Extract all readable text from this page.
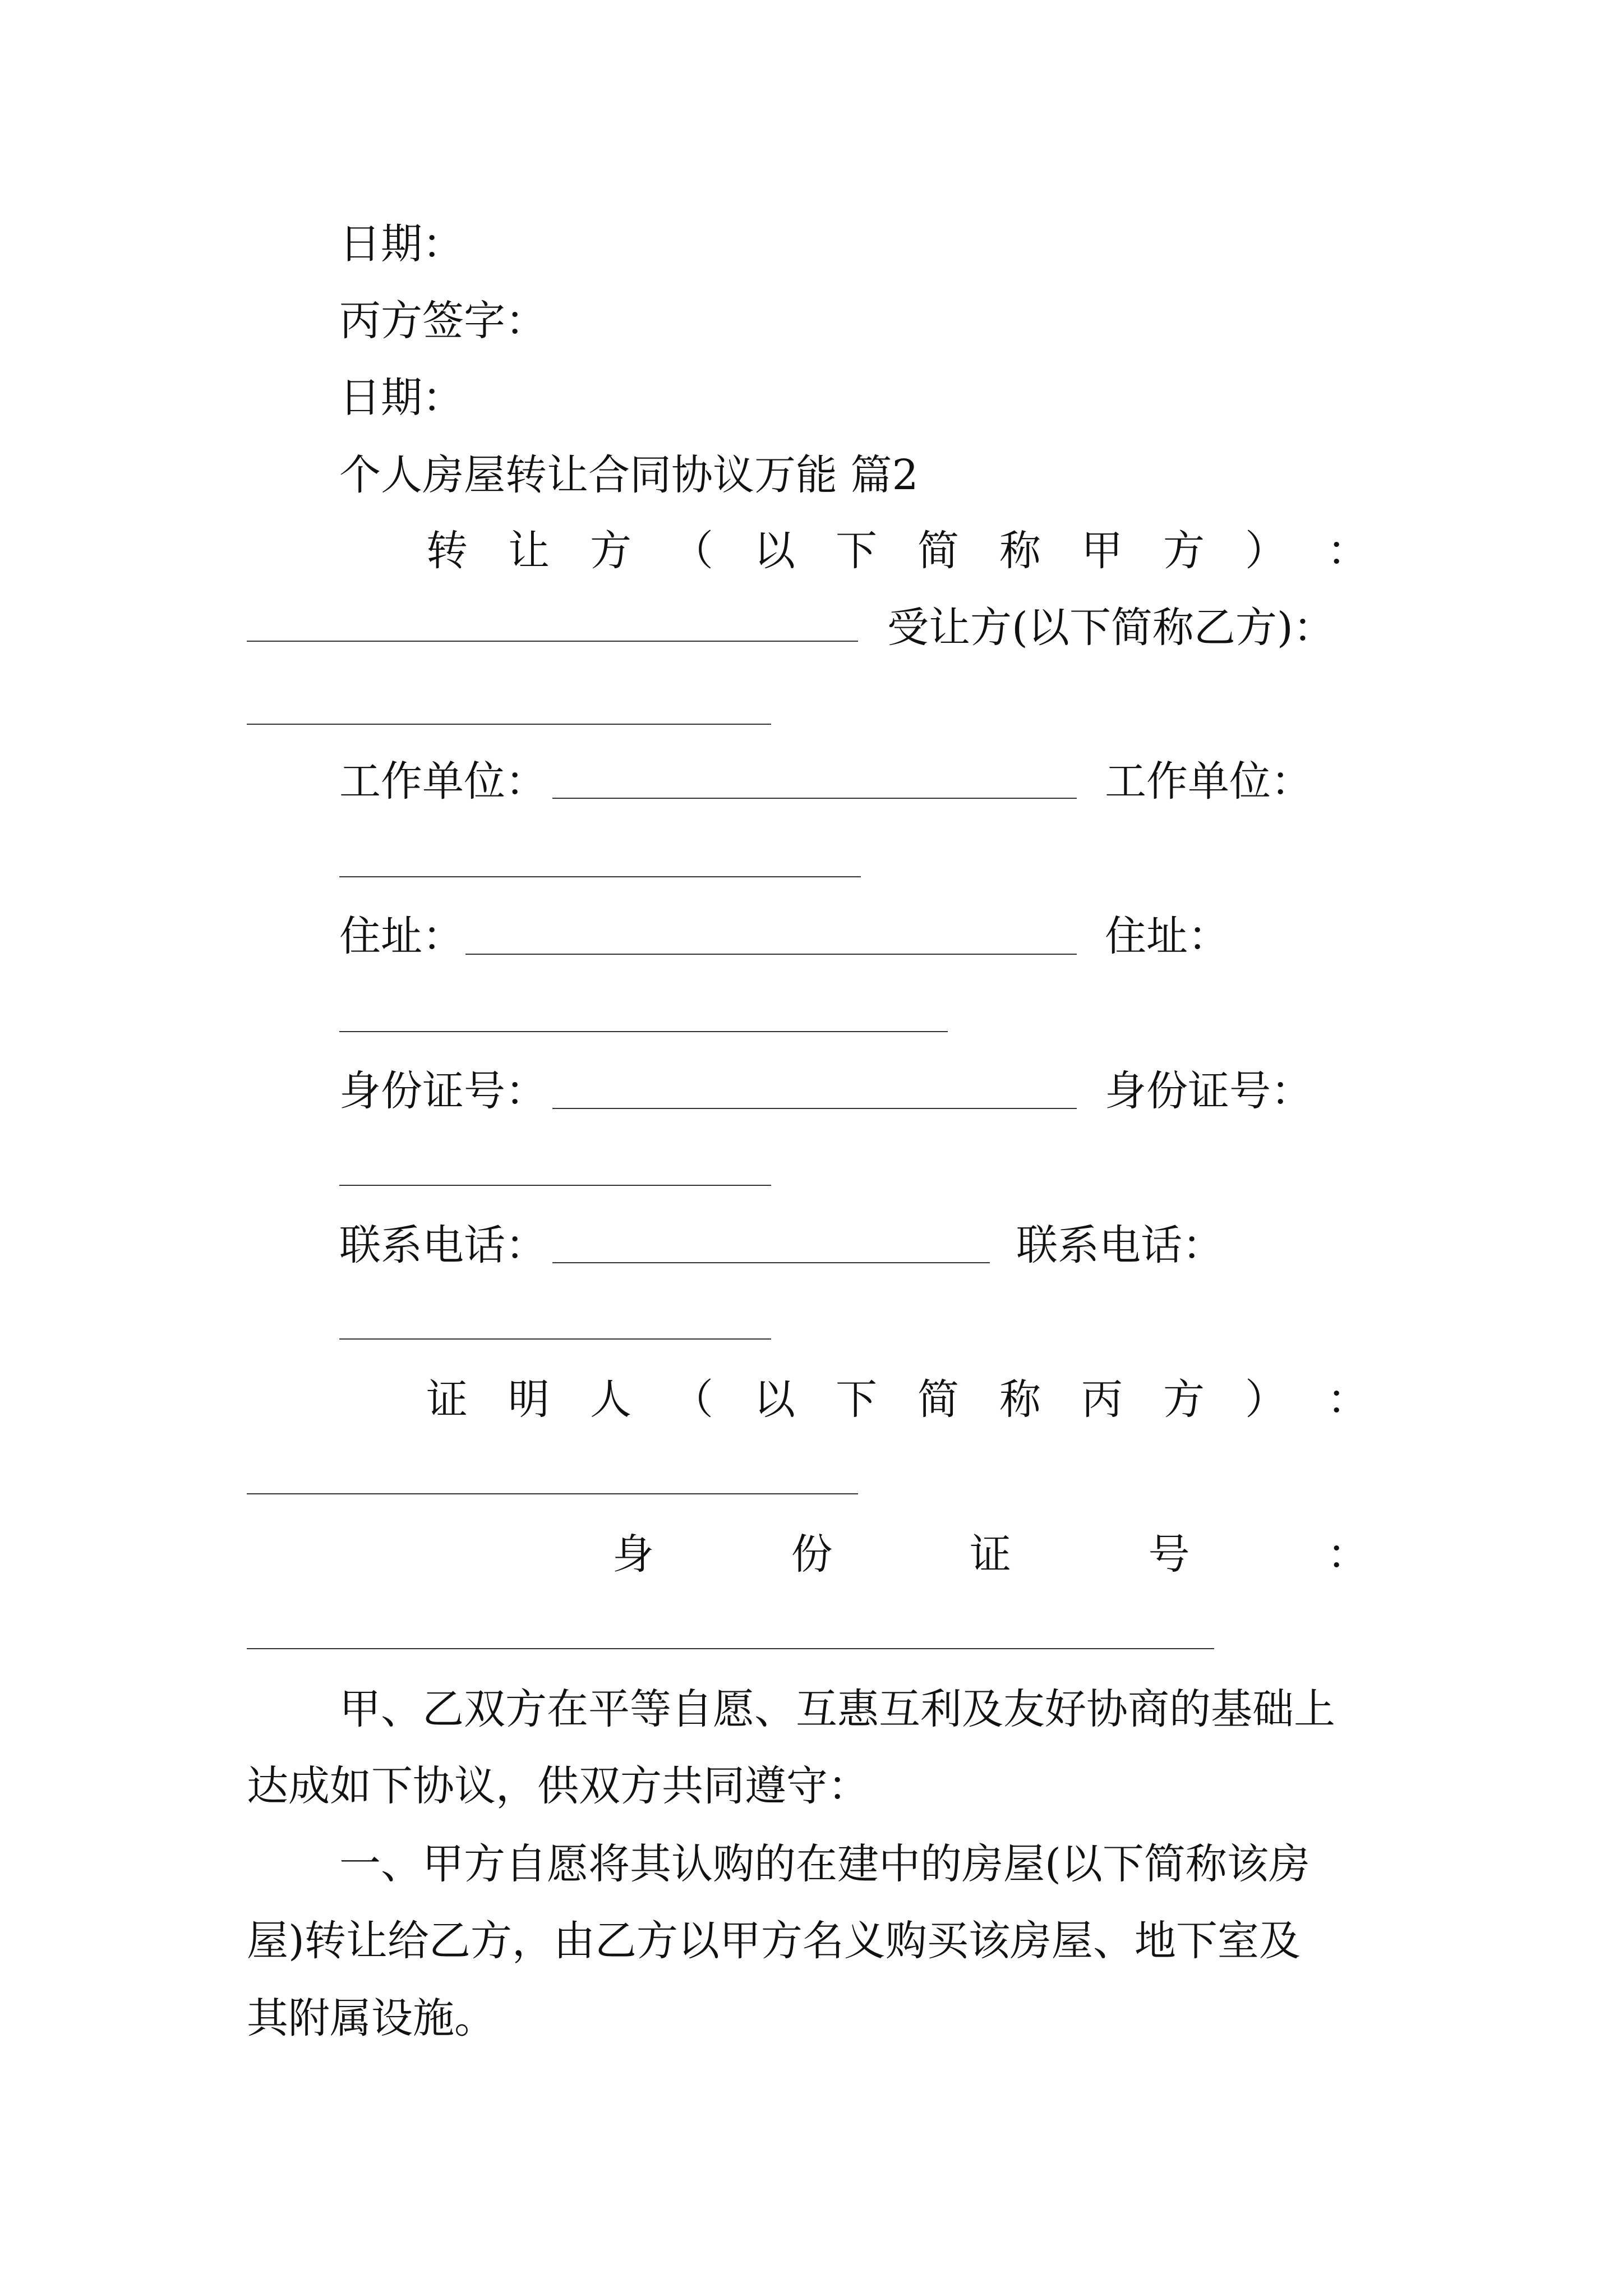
日期：
丙方签字：
日期：
个人房屋转让合同协议万能 篇2
转 让 方 （ 以 下 简 称 甲 方 ） ：
受让方(以下简称乙方)：
工作单位：	工作单位：
住址：	住址：
身份证号：	身份证号：
联系电话：	联系电话：
证 明 人 （ 以 下 简 称 丙 方 ） ：
身	份	证	号	：
甲、乙双方在平等自愿、互惠互利及友好协商的基础上
达成如下协议，供双方共同遵守：
一、甲方自愿将其认购的在建中的房屋(以下简称该房
屋)转让给乙方，由乙方以甲方名义购买该房屋、地下室及
其附属设施。
